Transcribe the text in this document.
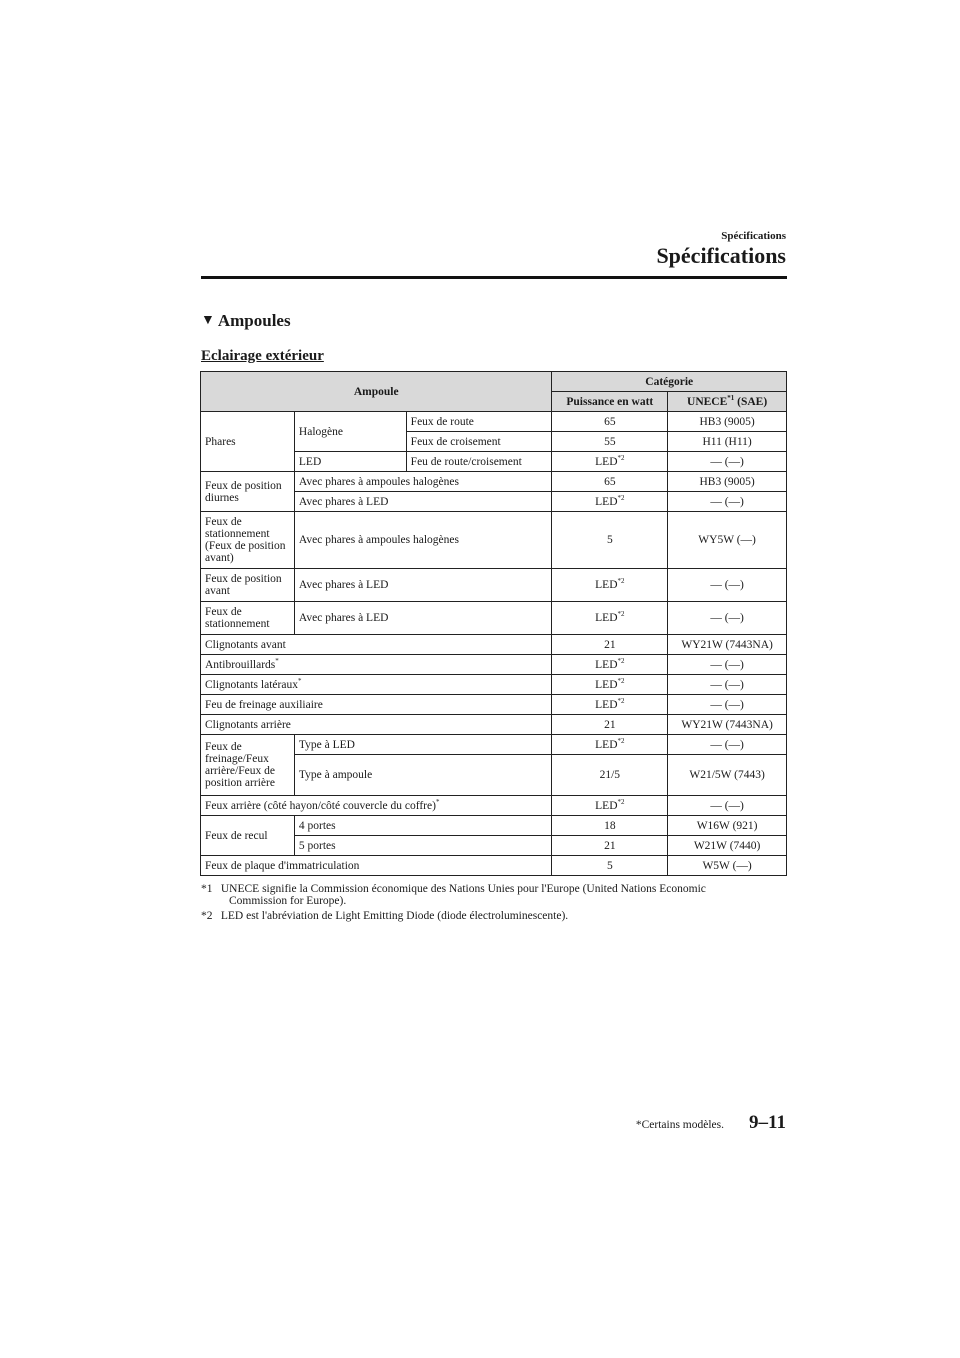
Spécifications
Spécifications
▼ Ampoules
Eclairage extérieur
Ampoule			Catégorie	
			Puissance en watt	UNECE$^{*1}$ (SAE)
Phares	Halogène	Feux de route	65	HB3 (9005)
		Feux de croisement	55	H11 (H11)
	LED	Feu de route/croisement	LED$^{*2}$	— (—)
Feux de position diurnes	Avec phares à ampoules halogènes		65	HB3 (9005)
	Avec phares à LED		LED$^{*2}$	— (—)
Feux de stationnement (Feux de position avant)	Avec phares à ampoules halogènes		5	WY5W (—)
Feux de position avant	Avec phares à LED		LED$^{*2}$	— (—)
Feux de stationnement	Avec phares à LED		LED$^{*2}$	— (—)
Clignotants avant			21	WY21W (7443NA)
Antibrouillards*			LED$^{*2}$	— (—)
Clignotants latéraux*			LED$^{*2}$	— (—)
Feu de freinage auxiliaire			LED$^{*2}$	— (—)
Clignotants arrière			21	WY21W (7443NA)
Feux de freinage/Feux arrière/Feux de position arrière	Type à LED		LED$^{*2}$	— (—)
	Type à ampoule		21/5	W21/5W (7443)
Feux arrière (côté hayon/côté couvercle du coffre)*			LED$^{*2}$	— (—)
Feux de recul	4 portes		18	W16W (921)
	5 portes		21	W21W (7440)
Feux de plaque d'immatriculation			5	W5W (—)
*1 UNECE signifie la Commission économique des Nations Unies pour l'Europe (United Nations Economic
Commission for Europe).
*2 LED est l'abréviation de Light Emitting Diode (diode électroluminescente).
*Certains modèles. 9–11
